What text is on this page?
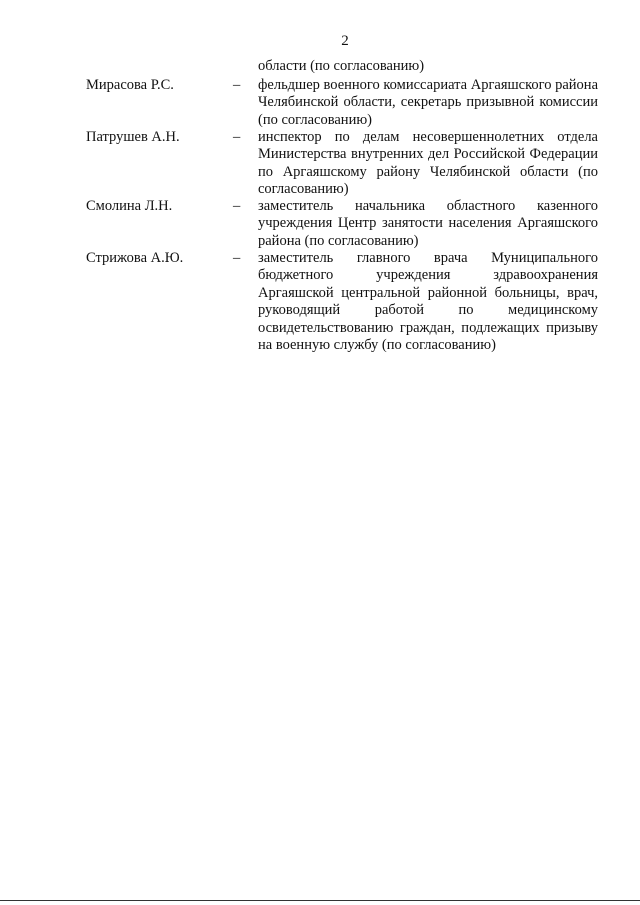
2
области (по согласованию)
Мирасова Р.С.	–	фельдшер военного комиссариата Аргаяшского района Челябинской области, секретарь призывной комиссии (по согласованию)
Патрушев А.Н.	–	инспектор по делам несовершеннолетних отдела Министерства внутренних дел Российской Федерации по Аргаяшскому району Челябинской области (по согласованию)
Смолина Л.Н.	–	заместитель начальника областного казенного учреждения Центр занятости населения Аргаяшского района (по согласованию)
Стрижова А.Ю.	–	заместитель главного врача Муниципального бюджетного учреждения здравоохранения Аргаяшской центральной районной больницы, врач, руководящий работой по медицинскому освидетельствованию граждан, подлежащих призыву на военную службу (по согласованию)
